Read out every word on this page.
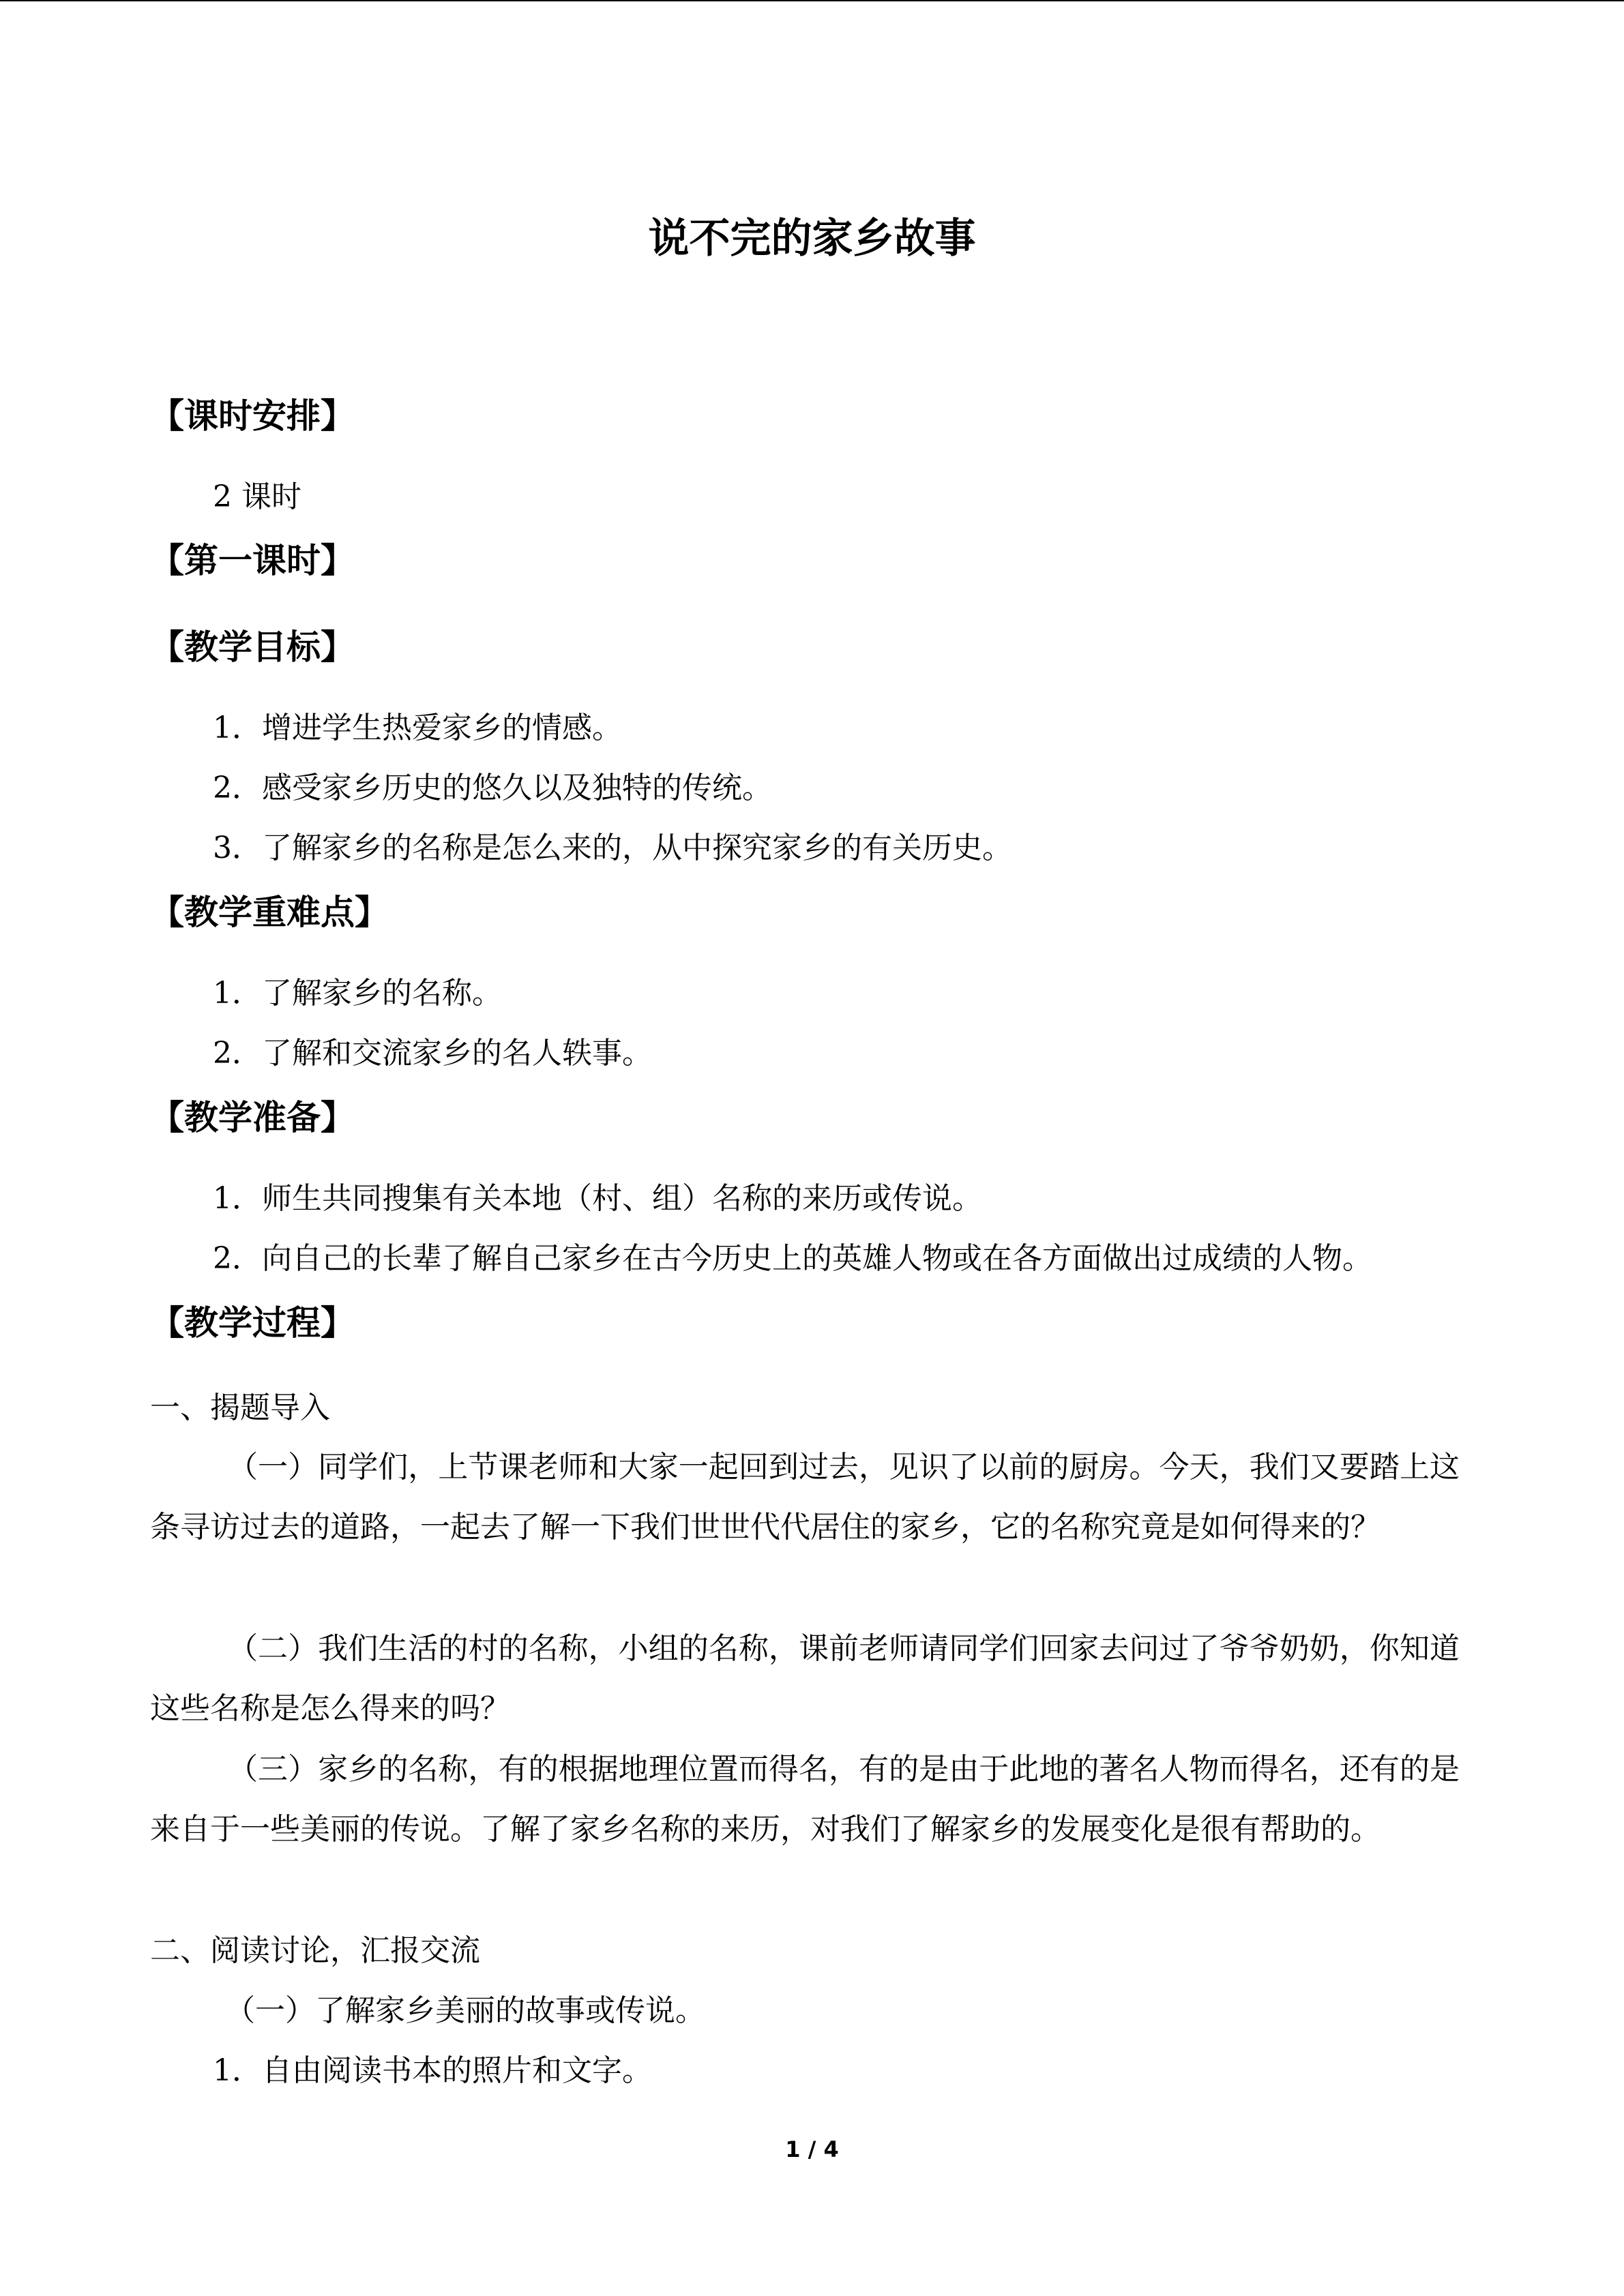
说不完的家乡故事
【课时安排】
2 课时
【第一课时】
【教学目标】
1．增进学生热爱家乡的情感。
2．感受家乡历史的悠久以及独特的传统。
3．了解家乡的名称是怎么来的，从中探究家乡的有关历史。
【教学重难点】
1．了解家乡的名称。
2．了解和交流家乡的名人轶事。
【教学准备】
1．师生共同搜集有关本地（村、组）名称的来历或传说。
2．向自己的长辈了解自己家乡在古今历史上的英雄人物或在各方面做出过成绩的人物。
【教学过程】
一、揭题导入
（一）同学们，上节课老师和大家一起回到过去，见识了以前的厨房。今天，我们又要踏上这条寻访过去的道路，一起去了解一下我们世世代代居住的家乡，它的名称究竟是如何得来的？
（二）我们生活的村的名称，小组的名称，课前老师请同学们回家去问过了爷爷奶奶，你知道这些名称是怎么得来的吗？
（三）家乡的名称，有的根据地理位置而得名，有的是由于此地的著名人物而得名，还有的是来自于一些美丽的传说。了解了家乡名称的来历，对我们了解家乡的发展变化是很有帮助的。
二、阅读讨论，汇报交流
（一）了解家乡美丽的故事或传说。
1．自由阅读书本的照片和文字。
1 / 4
